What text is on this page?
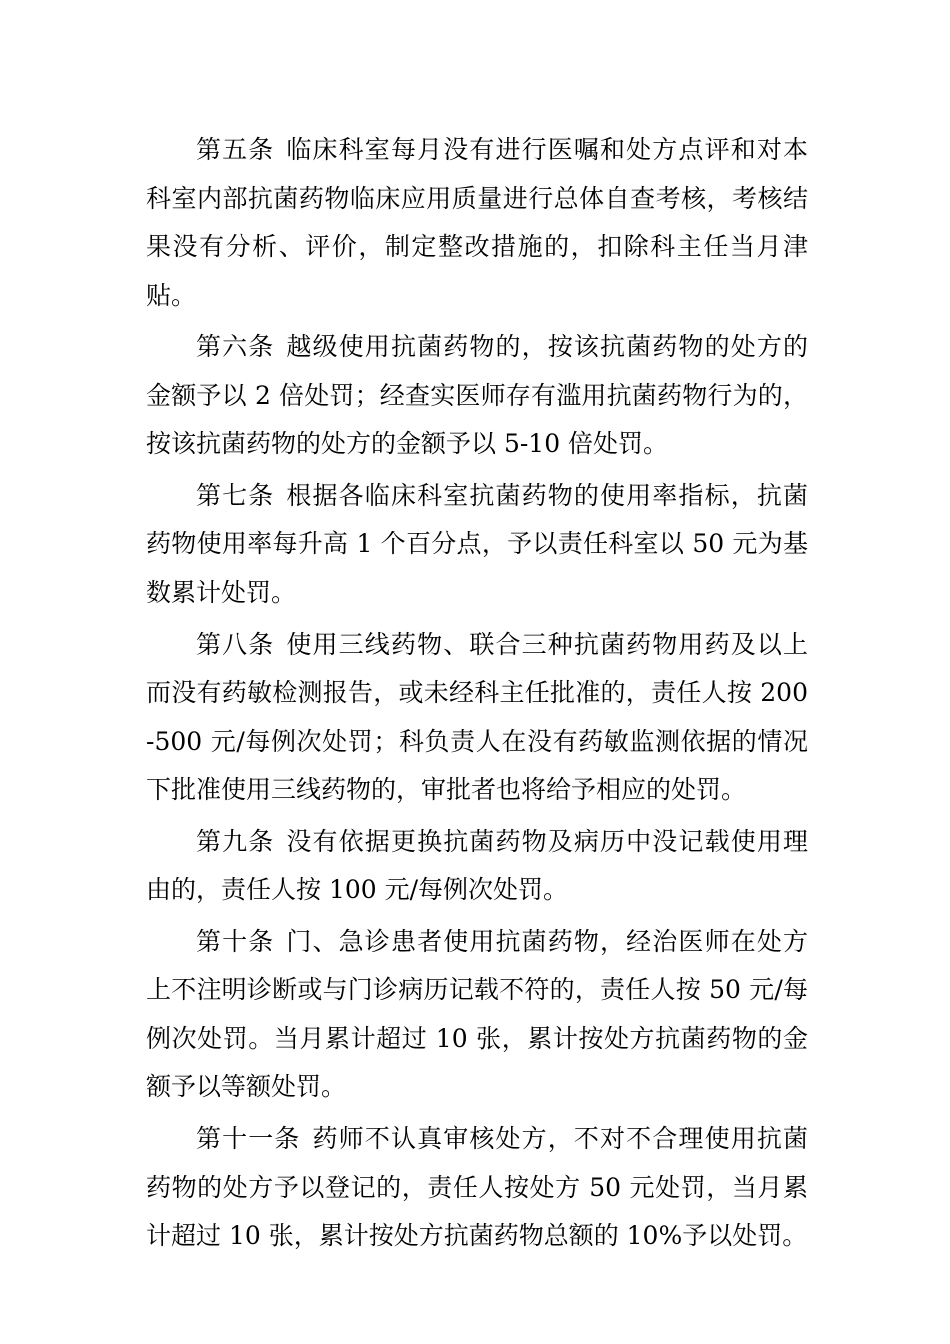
第五条 临床科室每月没有进行医嘱和处方点评和对本科室内部抗菌药物临床应用质量进行总体自查考核，考核结果没有分析、评价，制定整改措施的，扣除科主任当月津贴。

第六条 越级使用抗菌药物的，按该抗菌药物的处方的金额予以 2 倍处罚；经查实医师存有滥用抗菌药物行为的，按该抗菌药物的处方的金额予以 5-10 倍处罚。

第七条 根据各临床科室抗菌药物的使用率指标，抗菌药物使用率每升高 1 个百分点，予以责任科室以 50 元为基数累计处罚。

第八条 使用三线药物、联合三种抗菌药物用药及以上而没有药敏检测报告，或未经科主任批准的，责任人按 200-500 元/每例次处罚；科负责人在没有药敏监测依据的情况下批准使用三线药物的，审批者也将给予相应的处罚。

第九条 没有依据更换抗菌药物及病历中没记载使用理由的，责任人按 100 元/每例次处罚。

第十条 门、急诊患者使用抗菌药物，经治医师在处方上不注明诊断或与门诊病历记载不符的，责任人按 50 元/每例次处罚。当月累计超过 10 张，累计按处方抗菌药物的金额予以等额处罚。

第十一条 药师不认真审核处方，不对不合理使用抗菌药物的处方予以登记的，责任人按处方 50 元处罚，当月累计超过 10 张，累计按处方抗菌药物总额的 10%予以处罚。
